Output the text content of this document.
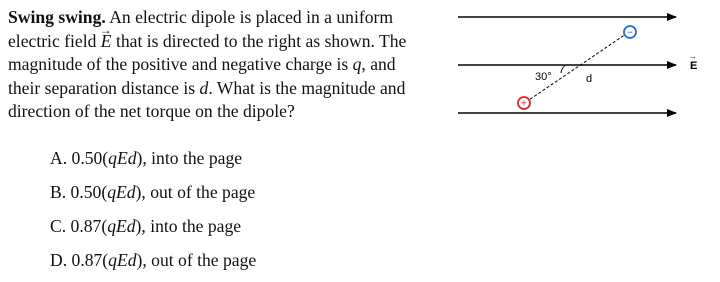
Swing swing. An electric dipole is placed in a uniform
electric field → E that is directed to the right as shown. The
magnitude of the positive and negative charge is q, and
their separation distance is d. What is the magnitude and
direction of the net torque on the dipole?
A. 0.50(qEd), into the page
B. 0.50(qEd), out of the page
C. 0.87(qEd), into the page
D. 0.87(qEd), out of the page
30°	d
E
→
−
+
